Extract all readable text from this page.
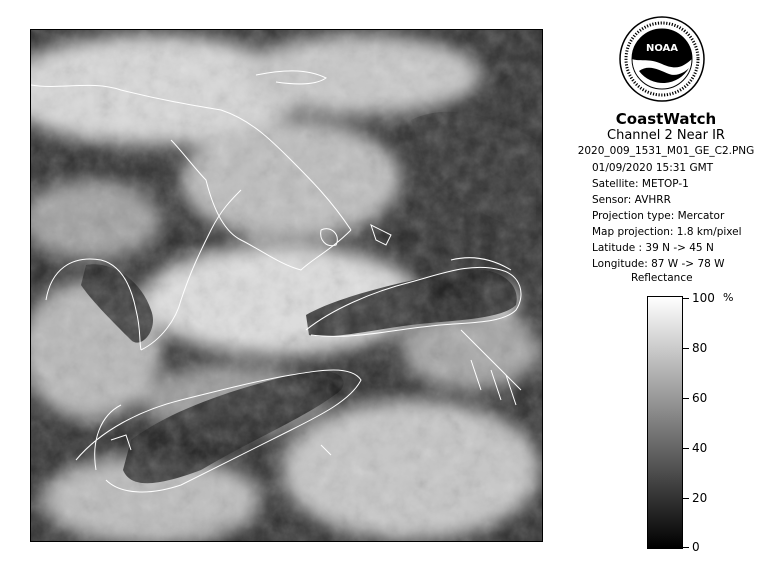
NOAA
CoastWatch
Channel 2 Near IR
2020_009_1531_M01_GE_C2.PNG
01/09/2020 15:31 GMT
Satellite: METOP-1
Sensor: AVHRR
Projection type: Mercator
Map projection: 1.8 km/pixel
Latitude : 39 N -> 45 N
Longitude: 87 W -> 78 W
Reflectance
%
100
80
60
40
20
0
